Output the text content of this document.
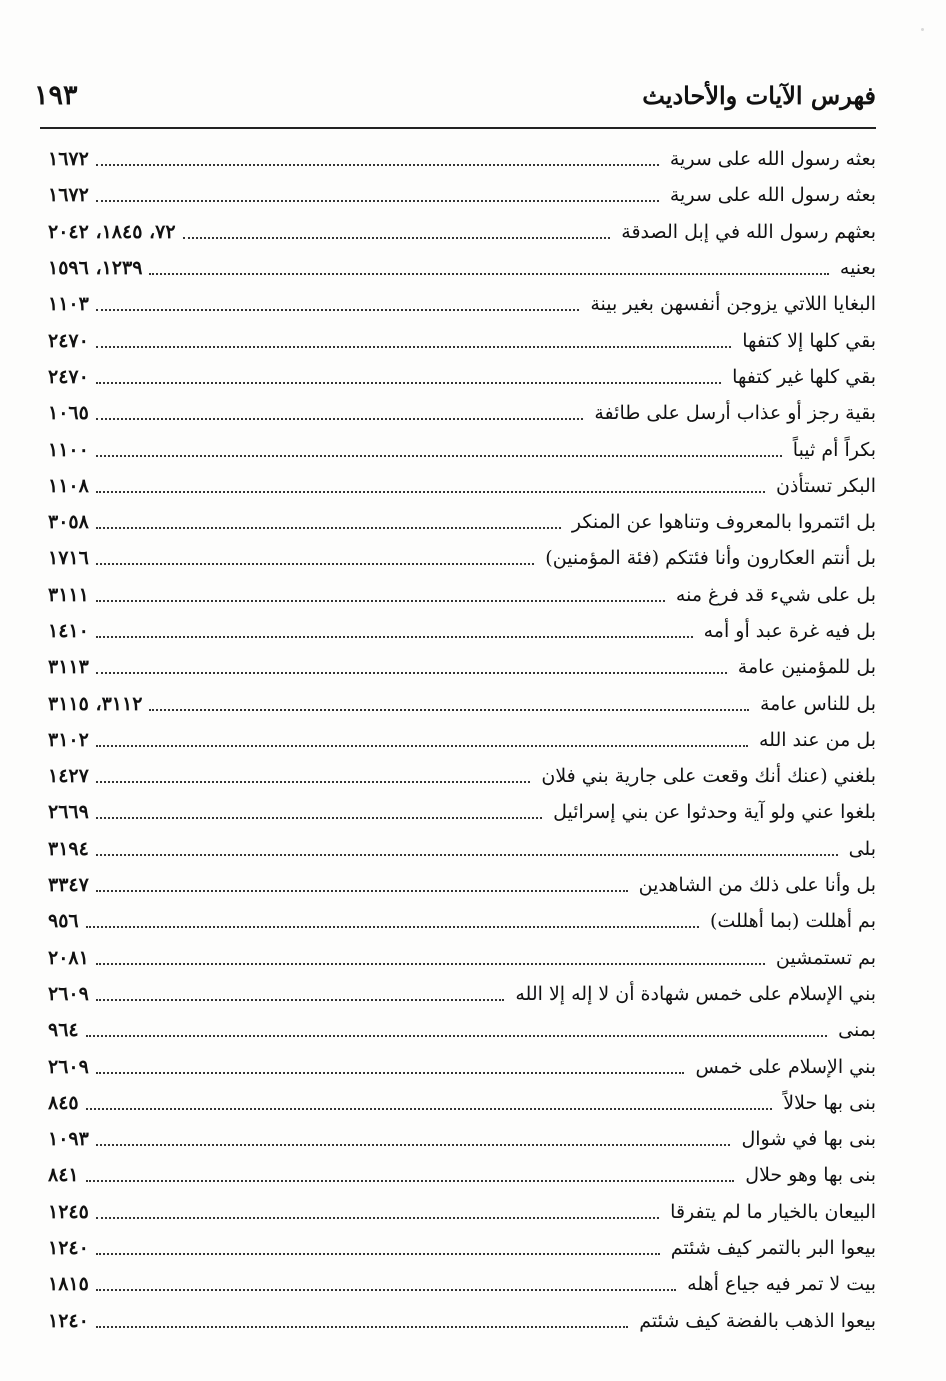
فهرس الآيات والأحاديث
١٩٣
بعثه رسول الله على سرية
١٦٧٢
بعثه رسول الله على سرية
١٦٧٢
بعثهم رسول الله في إبل الصدقة
٧٢، ١٨٤٥، ٢٠٤٢
بعنيه
١٢٣٩، ١٥٩٦
البغايا اللاتي يزوجن أنفسهن بغير بينة
١١٠٣
بقي كلها إلا كتفها
٢٤٧٠
بقي كلها غير كتفها
٢٤٧٠
بقية رجز أو عذاب أرسل على طائفة
١٠٦٥
بكراً أم ثيباً
١١٠٠
البكر تستأذن
١١٠٨
بل ائتمروا بالمعروف وتناهوا عن المنكر
٣٠٥٨
بل أنتم العكارون وأنا فئتكم (فئة المؤمنين)
١٧١٦
بل على شيء قد فرغ منه
٣١١١
بل فيه غرة عبد أو أمه
١٤١٠
بل للمؤمنين عامة
٣١١٣
بل للناس عامة
٣١١٢، ٣١١٥
بل من عند الله
٣١٠٢
بلغني (عنك أنك وقعت على جارية بني فلان
١٤٢٧
بلغوا عني ولو آية وحدثوا عن بني إسرائيل
٢٦٦٩
بلى
٣١٩٤
بل وأنا على ذلك من الشاهدين
٣٣٤٧
بم أهللت (بما أهللت)
٩٥٦
بم تستمشين
٢٠٨١
بني الإسلام على خمس شهادة أن لا إله إلا الله
٢٦٠٩
بمنى
٩٦٤
بني الإسلام على خمس
٢٦٠٩
بنى بها حلالاً
٨٤٥
بنى بها في شوال
١٠٩٣
بنى بها وهو حلال
٨٤١
البيعان بالخيار ما لم يتفرقا
١٢٤٥
بيعوا البر بالتمر كيف شئتم
١٢٤٠
بيت لا تمر فيه جياع أهله
١٨١٥
بيعوا الذهب بالفضة كيف شئتم
١٢٤٠
